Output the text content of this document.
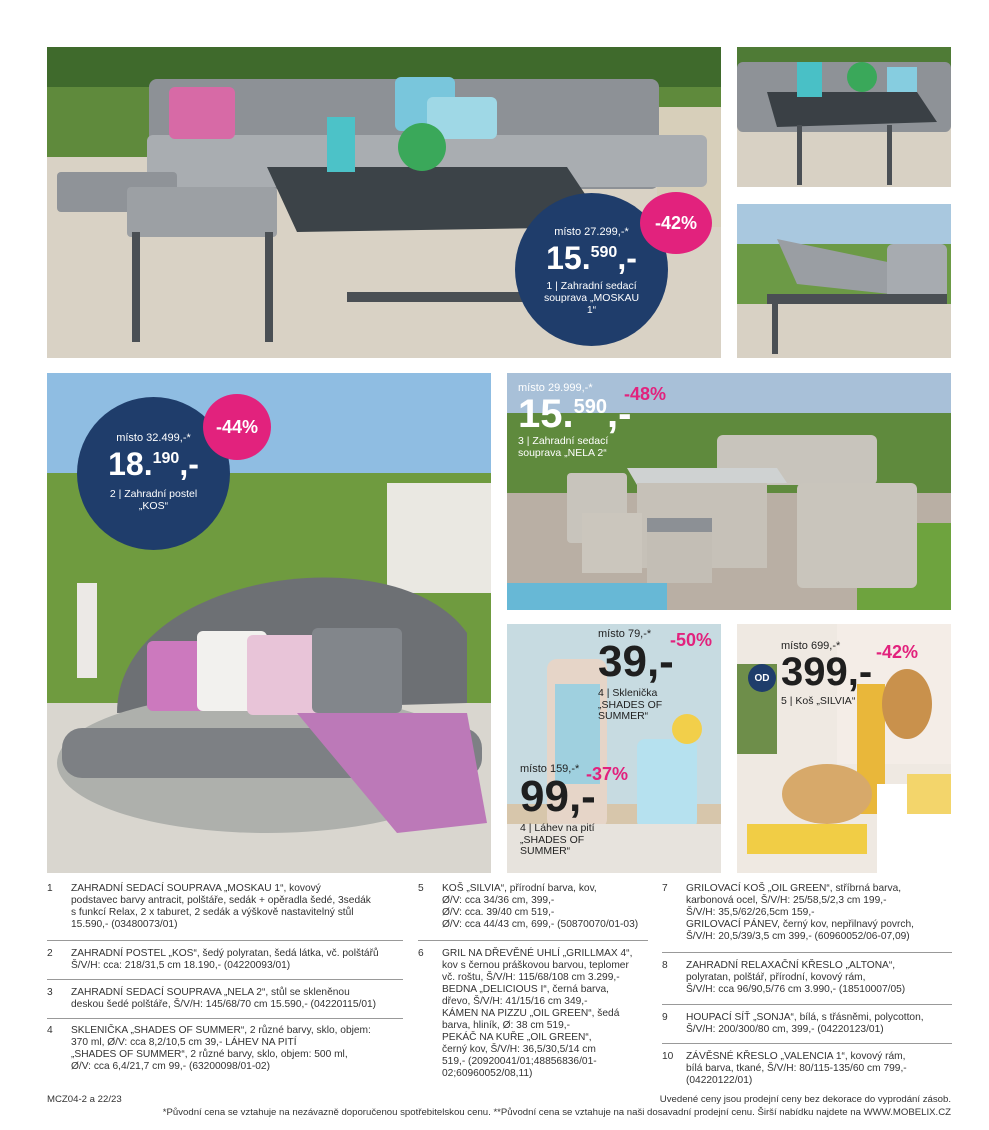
místo 27.299,-*
15.$^{590}$,-
1 | Zahradní sedací souprava „MOSKAU 1“
-42%
místo 32.499,-*
18.$^{190}$,-
2 | Zahradní postel „KOS“
-44%
místo 29.999,-*
15.$^{590}$,-
3 | Zahradní sedací souprava „NELA 2“
-48%
místo 79,-*
39,-
4 | Sklenička „SHADES OF SUMMER“
-50%
OD
místo 699,-*
399,-
5 | Koš „SILVIA“
-42%
místo 159,-*
99,-
4 | Láhev na pití „SHADES OF SUMMER“
-37%
1 ZAHRADNÍ SEDACÍ SOUPRAVA „MOSKAU 1“, kovový
podstavec barvy antracit, polštáře, sedák + opěradla šedé, 3sedák
s funkcí Relax, 2 x taburet, 2 sedák a výškově nastavitelný stůl
15.590,- (03480073/01)
2 ZAHRADNÍ POSTEL „KOS“, šedý polyratan, šedá látka, vč. polštářů
Š/V/H: cca: 218/31,5 cm 18.190,- (04220093/01)
3 ZAHRADNÍ SEDACÍ SOUPRAVA „NELA 2“, stůl se skleněnou
deskou šedé polštáře, Š/V/H: 145/68/70 cm 15.590,- (04220115/01)
4 SKLENIČKA „SHADES OF SUMMER“, 2 různé barvy, sklo, objem:
370 ml, Ø/V: cca 8,2/10,5 cm 39,- LÁHEV NA PITÍ
„SHADES OF SUMMER“, 2 různé barvy, sklo, objem: 500 ml,
Ø/V: cca 6,4/21,7 cm 99,- (63200098/01-02)
5 KOŠ „SILVIA“, přírodní barva, kov,
Ø/V: cca 34/36 cm, 399,-
Ø/V: cca. 39/40 cm 519,-
Ø/V: cca 44/43 cm, 699,- (50870070/01-03)
6 GRIL NA DŘEVĚNÉ UHLÍ „GRILLMAX 4“,
kov s černou práškovou barvou, teplomer
vč. roštu, Š/V/H: 115/68/108 cm 3.299,-
BEDNA „DELICIOUS I“, černá barva,
dřevo, Š/V/H: 41/15/16 cm 349,-
KÁMEN NA PIZZU „OIL GREEN“, šedá
barva, hliník, Ø: 38 cm 519,-
PEKÁČ NA KUŘE „OIL GREEN“,
černý kov, Š/V/H: 36,5/30,5/14 cm
519,- (20920041/01;48856836/01-
02;60960052/08,11)
7 GRILOVACÍ KOŠ „OIL GREEN“, stříbrná barva,
karbonová ocel, Š/V/H: 25/58,5/2,3 cm 199,-
Š/V/H: 35,5/62/26,5cm 159,-
GRILOVACÍ PÁNEV, černý kov, nepřilnavý povrch,
Š/V/H: 20,5/39/3,5 cm 399,- (60960052/06-07,09)
8 ZAHRADNÍ RELAXAČNÍ KŘESLO „ALTONA“,
polyratan, polštář, přírodní, kovový rám,
Š/V/H: cca 96/90,5/76 cm 3.990,- (18510007/05)
9 HOUPACÍ SÍŤ „SONJA“, bílá, s třásněmi, polycotton,
Š/V/H: 200/300/80 cm, 399,- (04220123/01)
10 ZÁVĚSNÉ KŘESLO „VALENCIA 1“, kovový rám,
bílá barva, tkané, Š/V/H: 80/115-135/60 cm 799,-
(04220122/01)
MCZ04-2 a 22/23	Uvedené ceny jsou prodejní ceny bez dekorace do vyprodání zásob.
*Původní cena se vztahuje na nezávazně doporučenou spotřebitelskou cenu. **Původní cena se vztahuje na naši dosavadní prodejní cenu. Širší nabídku najdete na WWW.MOBELIX.CZ
